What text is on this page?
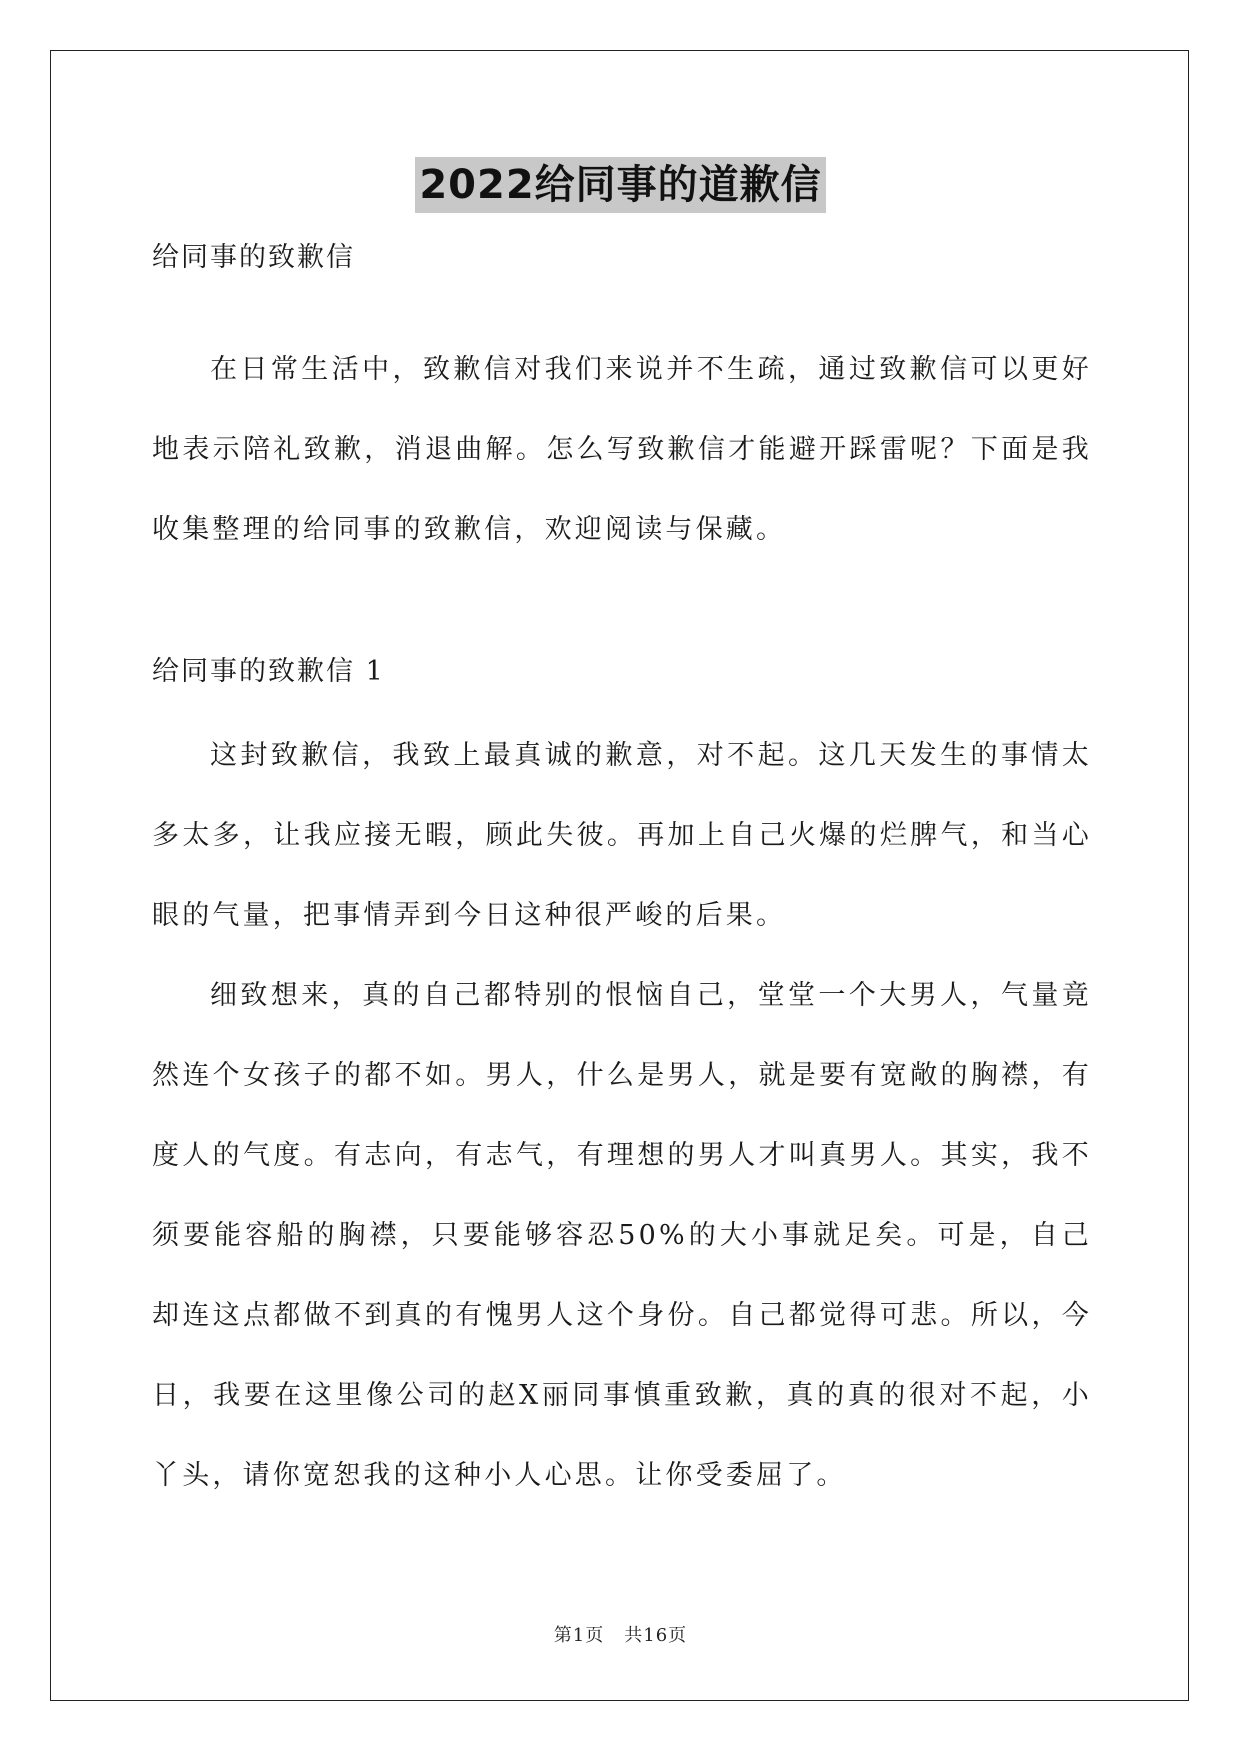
2022给同事的道歉信

给同事的致歉信

在日常生活中，致歉信对我们来说并不生疏，通过致歉信可以更好地表示陪礼致歉，消退曲解。怎么写致歉信才能避开踩雷呢？下面是我收集整理的给同事的致歉信，欢迎阅读与保藏。

给同事的致歉信 1

这封致歉信，我致上最真诚的歉意，对不起。这几天发生的事情太多太多，让我应接无暇，顾此失彼。再加上自己火爆的烂脾气，和当心眼的气量，把事情弄到今日这种很严峻的后果。

细致想来，真的自己都特别的恨恼自己，堂堂一个大男人，气量竟然连个女孩子的都不如。男人，什么是男人，就是要有宽敞的胸襟，有度人的气度。有志向，有志气，有理想的男人才叫真男人。其实，我不须要能容船的胸襟，只要能够容忍50%的大小事就足矣。可是，自己却连这点都做不到真的有愧男人这个身份。自己都觉得可悲。所以，今日，我要在这里像公司的赵X丽同事慎重致歉，真的真的很对不起，小丫头，请你宽恕我的这种小人心思。让你受委屈了。

第1页 共16页
